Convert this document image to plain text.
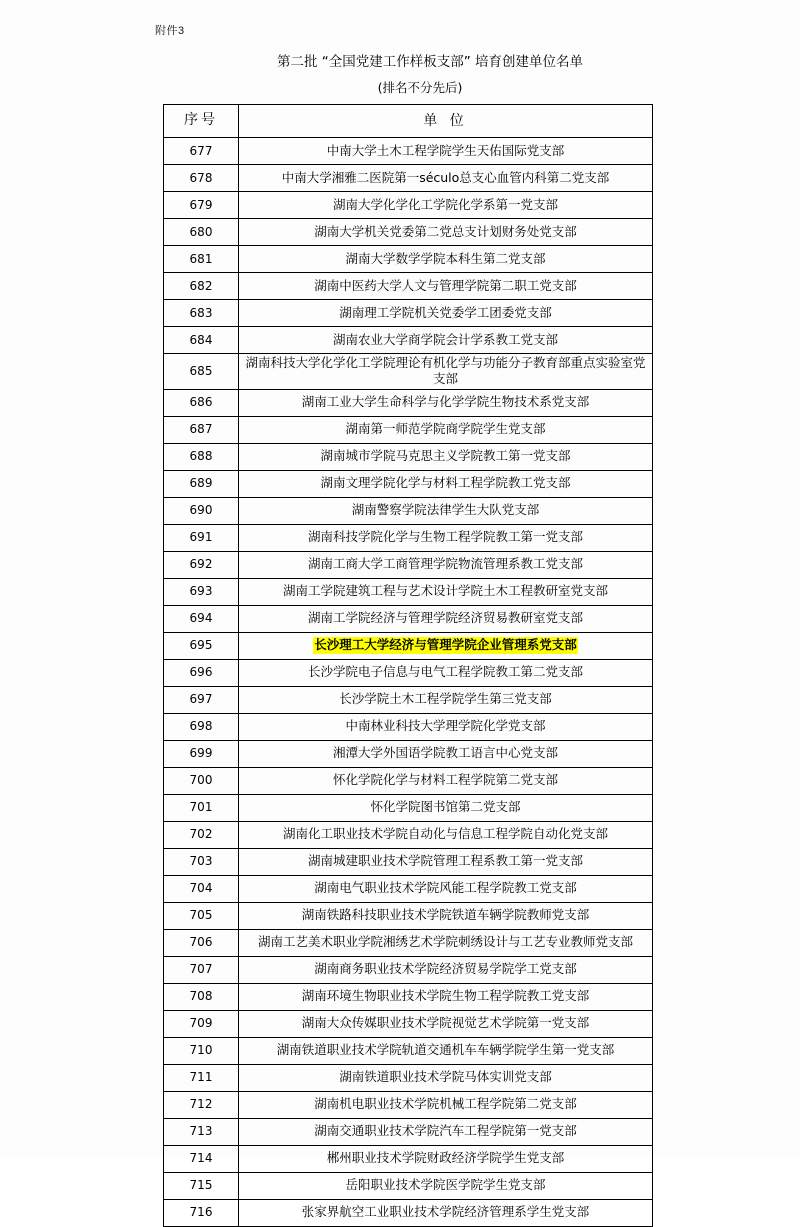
附件3
第二批 “全国党建工作样板支部” 培育创建单位名单
(排名不分先后)
序号	单 位
677	中南大学土木工程学院学生天佑国际党支部
678	中南大学湘雅二医院第一século总支心血管内科第二党支部
679	湖南大学化学化工学院化学系第一党支部
680	湖南大学机关党委第二党总支计划财务处党支部
681	湖南大学数学学院本科生第二党支部
682	湖南中医药大学人文与管理学院第二职工党支部
683	湖南理工学院机关党委学工团委党支部
684	湖南农业大学商学院会计学系教工党支部
685	湖南科技大学化学化工学院理论有机化学与功能分子教育部重点实验室党支部
686	湖南工业大学生命科学与化学学院生物技术系党支部
687	湖南第一师范学院商学院学生党支部
688	湖南城市学院马克思主义学院教工第一党支部
689	湖南文理学院化学与材料工程学院教工党支部
690	湖南警察学院法律学生大队党支部
691	湖南科技学院化学与生物工程学院教工第一党支部
692	湖南工商大学工商管理学院物流管理系教工党支部
693	湖南工学院建筑工程与艺术设计学院土木工程教研室党支部
694	湖南工学院经济与管理学院经济贸易教研室党支部
695	长沙理工大学经济与管理学院企业管理系党支部
696	长沙学院电子信息与电气工程学院教工第二党支部
697	长沙学院土木工程学院学生第三党支部
698	中南林业科技大学理学院化学党支部
699	湘潭大学外国语学院教工语言中心党支部
700	怀化学院化学与材料工程学院第二党支部
701	怀化学院图书馆第二党支部
702	湖南化工职业技术学院自动化与信息工程学院自动化党支部
703	湖南城建职业技术学院管理工程系教工第一党支部
704	湖南电气职业技术学院风能工程学院教工党支部
705	湖南铁路科技职业技术学院铁道车辆学院教师党支部
706	湖南工艺美术职业学院湘绣艺术学院刺绣设计与工艺专业教师党支部
707	湖南商务职业技术学院经济贸易学院学工党支部
708	湖南环境生物职业技术学院生物工程学院教工党支部
709	湖南大众传媒职业技术学院视觉艺术学院第一党支部
710	湖南铁道职业技术学院轨道交通机车车辆学院学生第一党支部
711	湖南铁道职业技术学院马体实训党支部
712	湖南机电职业技术学院机械工程学院第二党支部
713	湖南交通职业技术学院汽车工程学院第一党支部
714	郴州职业技术学院财政经济学院学生党支部
715	岳阳职业技术学院医学院学生党支部
716	张家界航空工业职业技术学院经济管理系学生党支部
